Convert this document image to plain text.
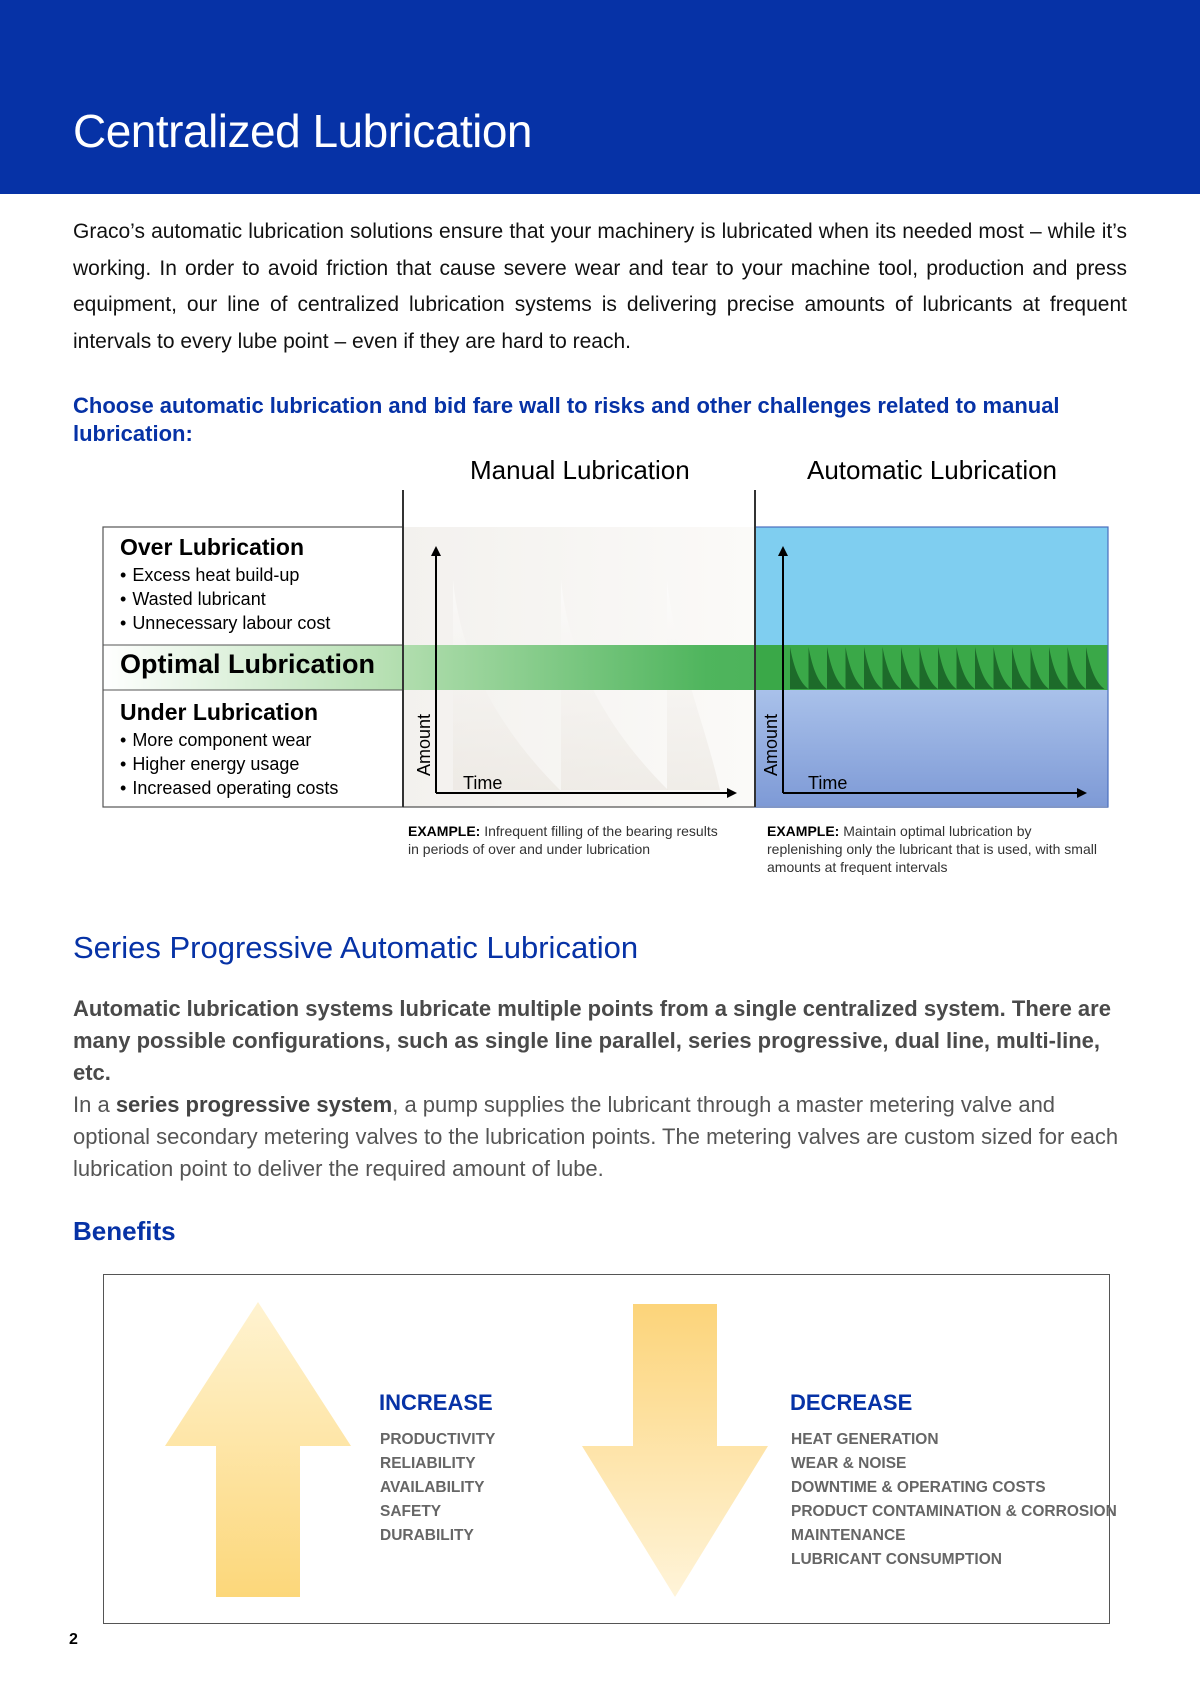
Centralized Lubrication

Graco’s automatic lubrication solutions ensure that your machinery is lubricated when its needed most – while it’s working. In order to avoid friction that cause severe wear and tear to your machine tool, production and press equipment, our line of centralized lubrication systems is delivering precise amounts of lubricants at frequent intervals to every lube point – even if they are hard to reach.

Choose automatic lubrication and bid fare wall to risks and other challenges related to manual lubrication:

Manual Lubrication	Automatic Lubrication
Over Lubrication
• Excess heat build-up
• Wasted lubricant
• Unnecessary labour cost
Optimal Lubrication
Under Lubrication
• More component wear
• Higher energy usage
• Increased operating costs
Amount
Time
Amount
Time
EXAMPLE: Infrequent filling of the bearing results in periods of over and under lubrication
EXAMPLE: Maintain optimal lubrication by replenishing only the lubricant that is used, with small amounts at frequent intervals
Series Progressive Automatic Lubrication

Automatic lubrication systems lubricate multiple points from a single centralized system. There are many possible configurations, such as single line parallel, series progressive, dual line, multi-line, etc.

In a series progressive system, a pump supplies the lubricant through a master metering valve and optional secondary metering valves to the lubrication points. The metering valves are custom sized for each lubrication point to deliver the required amount of lube.

Benefits
INCREASE
PRODUCTIVITY
RELIABILITY
AVAILABILITY
SAFETY
DURABILITY
DECREASE
HEAT GENERATION
WEAR & NOISE
DOWNTIME & OPERATING COSTS
PRODUCT CONTAMINATION & CORROSION
MAINTENANCE
LUBRICANT CONSUMPTION
2
